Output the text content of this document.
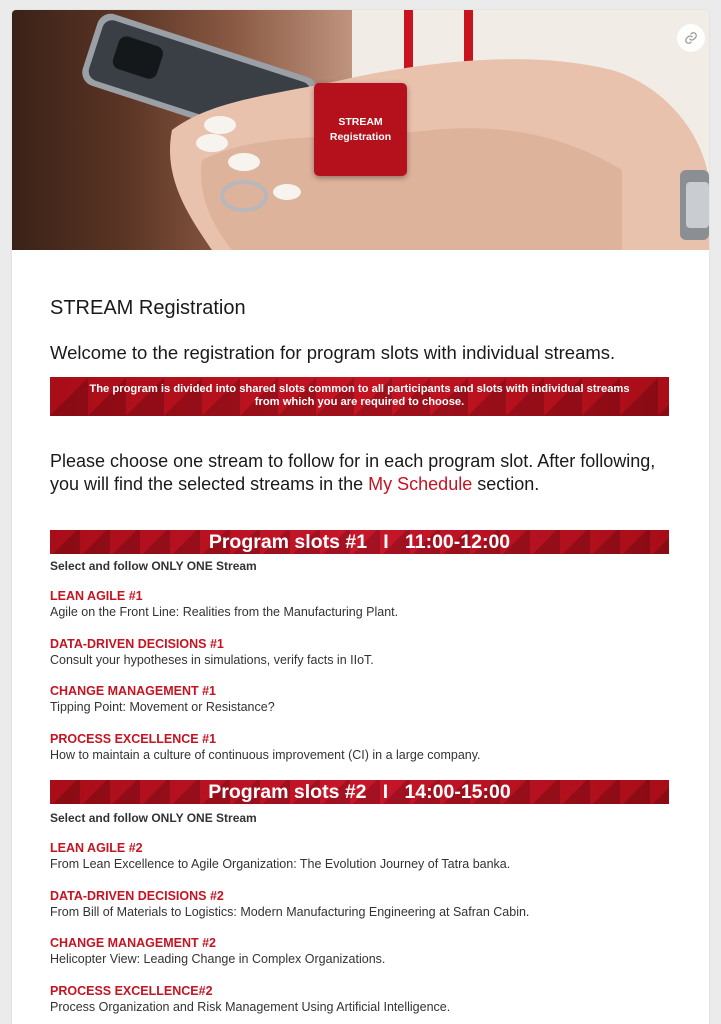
STREAM
Registration
STREAM Registration
Welcome to the registration for program slots with individual streams.
The program is divided into shared slots common to all participants and slots with individual streams
from which you are required to choose.
Please choose one stream to follow for in each program slot. After following, you will find the selected streams in the My Schedule section.
Program slots #1   I   11:00-12:00
Select and follow ONLY ONE Stream
LEAN AGILE #1
Agile on the Front Line: Realities from the Manufacturing Plant.
DATA-DRIVEN DECISIONS #1
Consult your hypotheses in simulations, verify facts in IIoT.
CHANGE MANAGEMENT #1
Tipping Point: Movement or Resistance?
PROCESS EXCELLENCE #1
How to maintain a culture of continuous improvement (CI) in a large company.
Program slots #2   I   14:00-15:00
Select and follow ONLY ONE Stream
LEAN AGILE #2
From Lean Excellence to Agile Organization: The Evolution Journey of Tatra banka.
DATA-DRIVEN DECISIONS #2
From Bill of Materials to Logistics: Modern Manufacturing Engineering at Safran Cabin.
CHANGE MANAGEMENT #2
Helicopter View: Leading Change in Complex Organizations.
PROCESS EXCELLENCE#2
Process Organization and Risk Management Using Artificial Intelligence.
